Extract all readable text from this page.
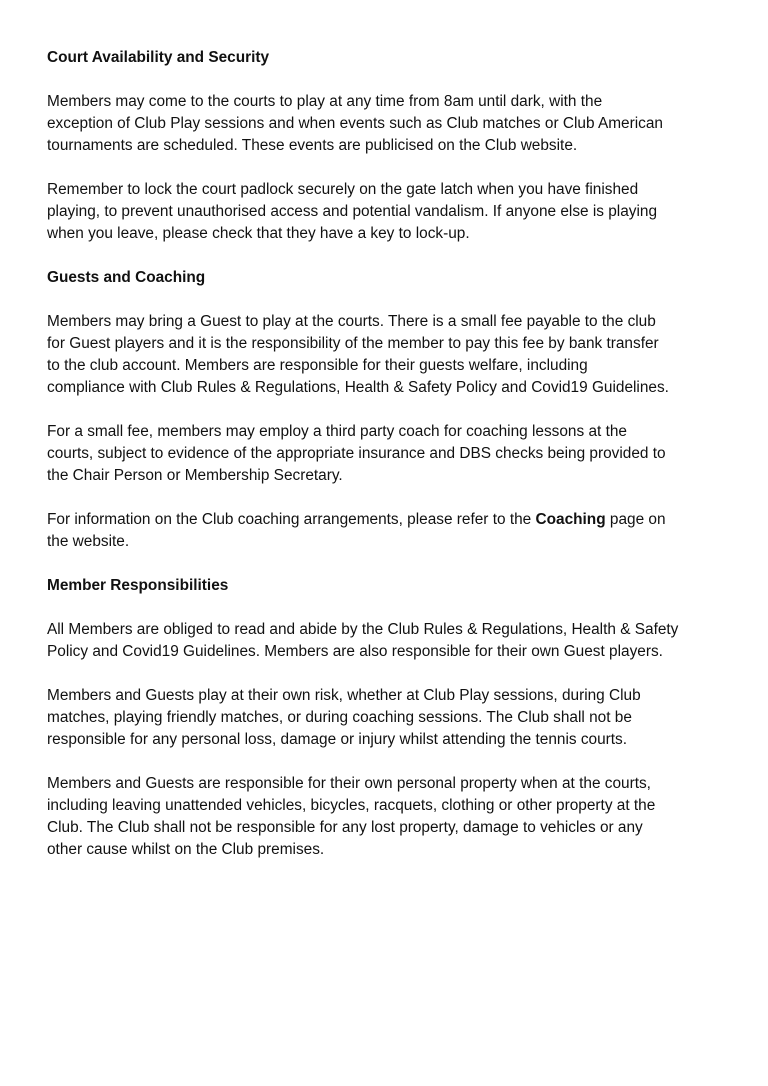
Court Availability and Security
Members may come to the courts to play at any time from 8am until dark, with the
exception of Club Play sessions and when events such as Club matches or Club American
tournaments are scheduled. These events are publicised on the Club website.
Remember to lock the court padlock securely on the gate latch when you have finished
playing, to prevent unauthorised access and potential vandalism. If anyone else is playing
when you leave, please check that they have a key to lock-up.
Guests and Coaching
Members may bring a Guest to play at the courts. There is a small fee payable to the club
for Guest players and it is the responsibility of the member to pay this fee by bank transfer
to the club account. Members are responsible for their guests welfare, including
compliance with Club Rules & Regulations, Health & Safety Policy and Covid19 Guidelines.
For a small fee, members may employ a third party coach for coaching lessons at the
courts, subject to evidence of the appropriate insurance and DBS checks being provided to
the Chair Person or Membership Secretary.
For information on the Club coaching arrangements, please refer to the Coaching page on
the website.
Member Responsibilities
All Members are obliged to read and abide by the Club Rules & Regulations, Health & Safety
Policy and Covid19 Guidelines. Members are also responsible for their own Guest players.
Members and Guests play at their own risk, whether at Club Play sessions, during Club
matches, playing friendly matches, or during coaching sessions. The Club shall not be
responsible for any personal loss, damage or injury whilst attending the tennis courts.
Members and Guests are responsible for their own personal property when at the courts,
including leaving unattended vehicles, bicycles, racquets, clothing or other property at the
Club. The Club shall not be responsible for any lost property, damage to vehicles or any
other cause whilst on the Club premises.
